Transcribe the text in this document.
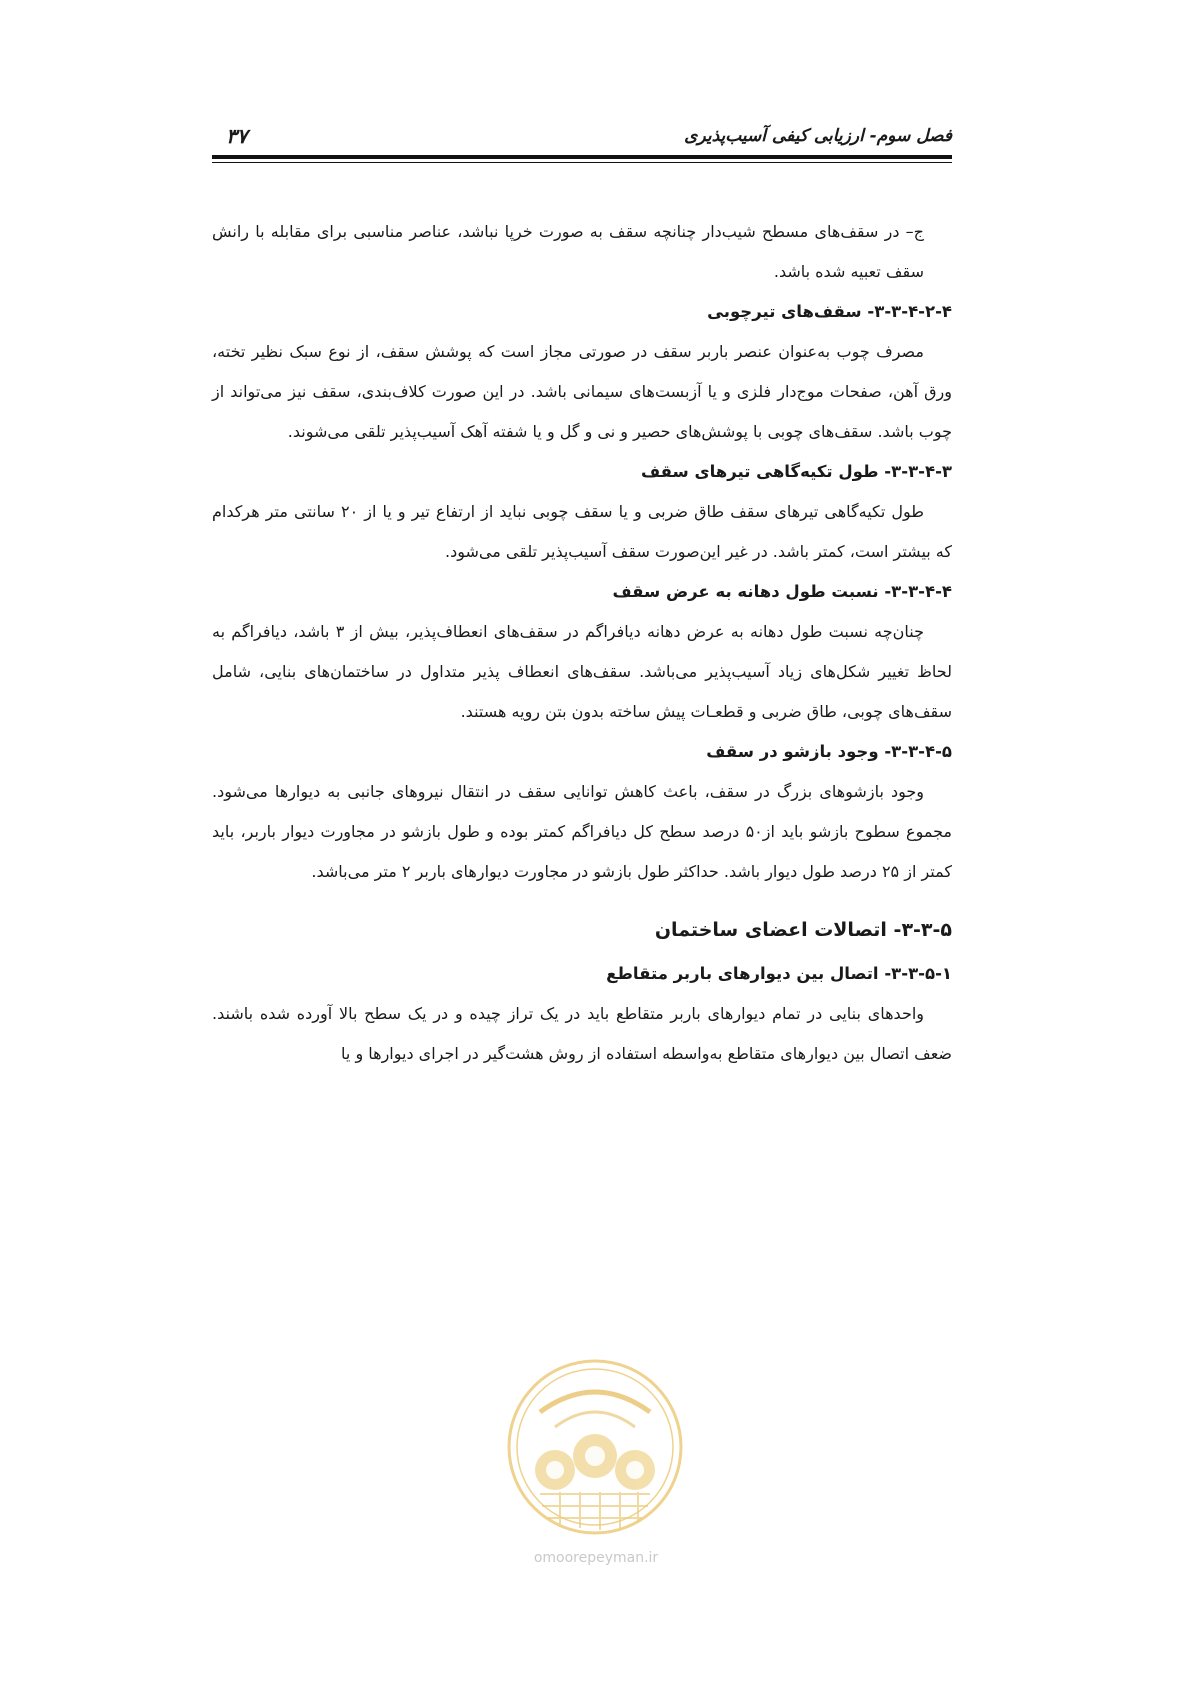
فصل سوم- ارزیابی کیفی آسیب‌پذیری
۳۷

ج– در سقف‌های مسطح شیب‌دار چنانچه سقف به صورت خرپا نباشد، عناصر مناسبی برای مقابله با رانش سقف تعبیه شده باشد.

۳-۳-۴-۲-۴- سقف‌های تیرچوبی

مصرف چوب به‌عنوان عنصر باربر سقف در صورتی مجاز است که پوشش سقف، از نوع سبک نظیر تخته، ورق آهن، صفحات موج‌دار فلزی و یا آزبست‌های سیمانی باشد. در این صورت کلاف‌بندی، سقف نیز می‌تواند از چوب باشد. سقف‌های چوبی با پوشش‌های حصیر و نی و گل و یا شفته آهک آسیب‌پذیر تلقی می‌شوند.

۳-۳-۴-۳- طول تکیه‌گاهی تیرهای سقف

طول تکیه‌گاهی تیرهای سقف طاق ضربی و یا سقف چوبی نباید از ارتفاع تیر و یا از ۲۰ سانتی متر هرکدام که بیشتر است، کمتر باشد. در غیر این‌صورت سقف آسیب‌پذیر تلقی می‌شود.

۳-۳-۴-۴- نسبت طول دهانه به عرض سقف

چنان‌چه نسبت طول دهانه به عرض دهانه دیافراگم در سقف‌های انعطاف‌پذیر، بیش از ۳ باشد، دیافراگم به لحاظ تغییر شکل‌های زیاد آسیب‌پذیر می‌باشد. سقف‌های انعطاف پذیر متداول در ساختمان‌های بنایی، شامل سقف‌های چوبی، طاق ضربی و قطعـات پیش ساخته بدون بتن رویه هستند.

۳-۳-۴-۵- وجود بازشو در سقف

وجود بازشوهای بزرگ در سقف، باعث کاهش توانایی سقف در انتقال نیروهای جانبی به دیوارها می‌شود. مجموع سطوح بازشو باید از۵۰ درصد سطح کل دیافراگم کمتر بوده و طول بازشو در مجاورت دیوار باربر، باید کمتر از ۲۵ درصد طول دیوار باشد. حداکثر طول بازشو در مجاورت دیوارهای باربر ۲ متر می‌باشد.

۳-۳-۵- اتصالات اعضای ساختمان
۳-۳-۵-۱- اتصال بین دیوارهای باربر متقاطع

واحدهای بنایی در تمام دیوارهای باربر متقاطع باید در یک تراز چیده و در یک سطح بالا آورده شده باشند. ضعف اتصال بین دیوارهای متقاطع به‌واسطه استفاده از روش هشت‌گیر در اجرای دیوارها و یا

omoorepeyman.ir
